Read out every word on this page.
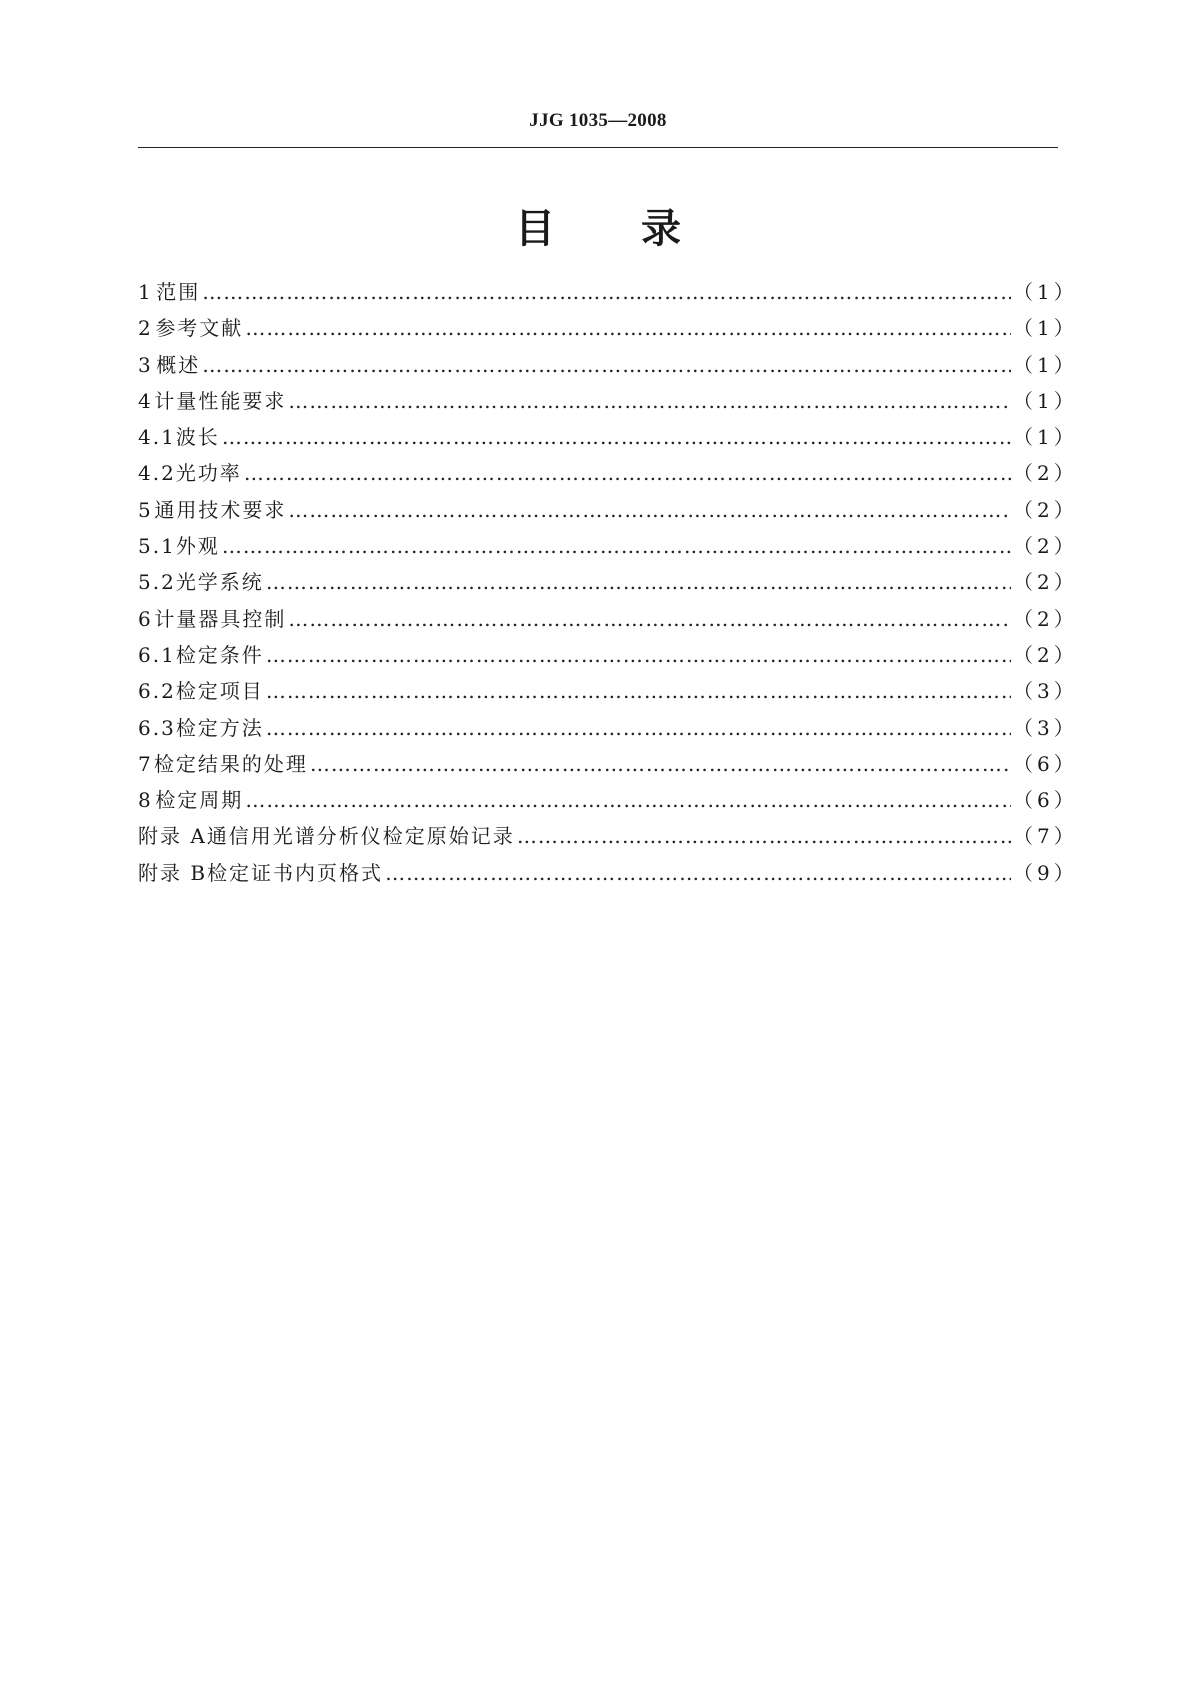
JJG 1035—2008
目 录
1 范围 ……………………………………………………………………………………………………………………………………………………………………………………………………………………	（1）
2 参考文献 ……………………………………………………………………………………………………………………………………………………………………………………………………………………	（1）
3 概述 ……………………………………………………………………………………………………………………………………………………………………………………………………………………	（1）
4 计量性能要求 ……………………………………………………………………………………………………………………………………………………………………………………………………………………	（1）
4.1 波长 ……………………………………………………………………………………………………………………………………………………………………………………………………………………	（1）
4.2 光功率 ……………………………………………………………………………………………………………………………………………………………………………………………………………………	（2）
5 通用技术要求 ……………………………………………………………………………………………………………………………………………………………………………………………………………………	（2）
5.1 外观 ……………………………………………………………………………………………………………………………………………………………………………………………………………………	（2）
5.2 光学系统 ……………………………………………………………………………………………………………………………………………………………………………………………………………………	（2）
6 计量器具控制 ……………………………………………………………………………………………………………………………………………………………………………………………………………………	（2）
6.1 检定条件 ……………………………………………………………………………………………………………………………………………………………………………………………………………………	（2）
6.2 检定项目 ……………………………………………………………………………………………………………………………………………………………………………………………………………………	（3）
6.3 检定方法 ……………………………………………………………………………………………………………………………………………………………………………………………………………………	（3）
7 检定结果的处理 ……………………………………………………………………………………………………………………………………………………………………………………………………………………	（6）
8 检定周期 ……………………………………………………………………………………………………………………………………………………………………………………………………………………	（6）
附录 A 通信用光谱分析仪检定原始记录 ……………………………………………………………………………………………………………………………………………………………………………………………………………………	（7）
附录 B 检定证书内页格式 ……………………………………………………………………………………………………………………………………………………………………………………………………………………	（9）
